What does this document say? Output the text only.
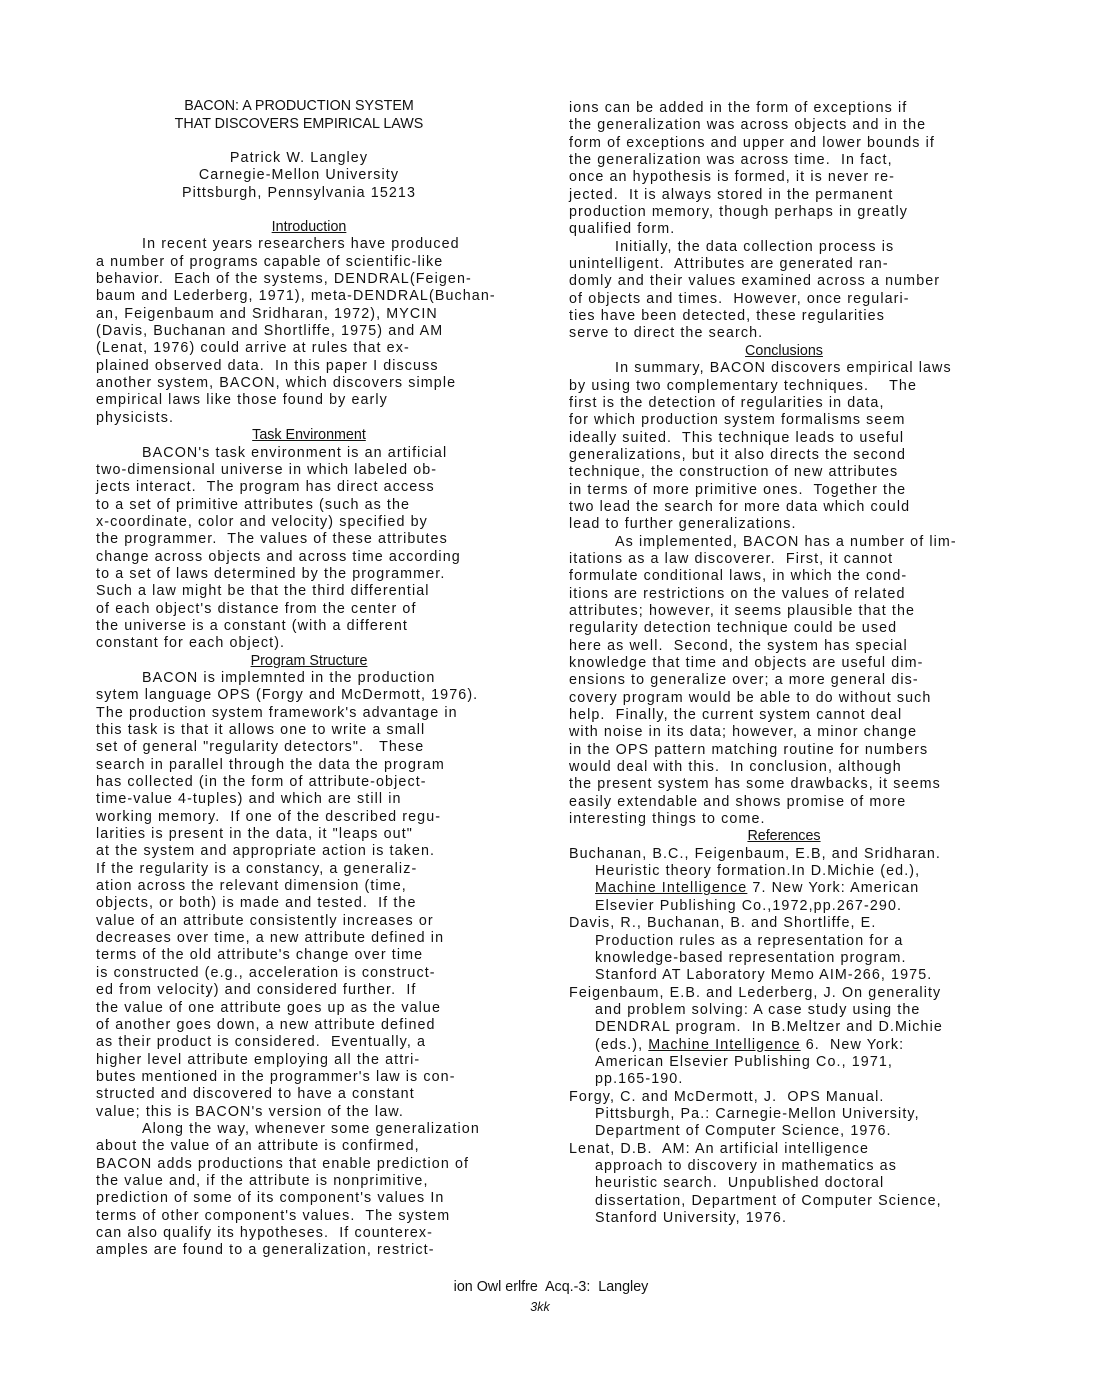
BACON: A PRODUCTION SYSTEM
THAT DISCOVERS EMPIRICAL LAWS
Patrick W. Langley
Carnegie-Mellon University
Pittsburgh, Pennsylvania 15213
Introduction
In recent years researchers have produced
a number of programs capable of scientific-like
behavior.  Each of the systems, DENDRAL(Feigen-
baum and Lederberg, 1971), meta-DENDRAL(Buchan-
an, Feigenbaum and Sridharan, 1972), MYCIN
(Davis, Buchanan and Shortliffe, 1975) and AM
(Lenat, 1976) could arrive at rules that ex-
plained observed data.  In this paper I discuss
another system, BACON, which discovers simple
empirical laws like those found by early
physicists.
Task Environment
BACON's task environment is an artificial
two-dimensional universe in which labeled ob-
jects interact.  The program has direct access
to a set of primitive attributes (such as the
x-coordinate, color and velocity) specified by
the programmer.  The values of these attributes
change across objects and across time according
to a set of laws determined by the programmer.
Such a law might be that the third differential
of each object's distance from the center of
the universe is a constant (with a different
constant for each object).
Program Structure
BACON is implemnted in the production
sytem language OPS (Forgy and McDermott, 1976).
The production system framework's advantage in
this task is that it allows one to write a small
set of general "regularity detectors".   These
search in parallel through the data the program
has collected (in the form of attribute-object-
time-value 4-tuples) and which are still in
working memory.  If one of the described regu-
larities is present in the data, it "leaps out"
at the system and appropriate action is taken.
If the regularity is a constancy, a generaliz-
ation across the relevant dimension (time,
objects, or both) is made and tested.  If the
value of an attribute consistently increases or
decreases over time, a new attribute defined in
terms of the old attribute's change over time
is constructed (e.g., acceleration is construct-
ed from velocity) and considered further.  If
the value of one attribute goes up as the value
of another goes down, a new attribute defined
as their product is considered.  Eventually, a
higher level attribute employing all the attri-
butes mentioned in the programmer's law is con-
structed and discovered to have a constant
value; this is BACON's version of the law.
Along the way, whenever some generalization
about the value of an attribute is confirmed,
BACON adds productions that enable prediction of
the value and, if the attribute is nonprimitive,
prediction of some of its component's values In
terms of other component's values.  The system
can also qualify its hypotheses.  If counterex-
amples are found to a generalization, restrict-
ions can be added in the form of exceptions if
the generalization was across objects and in the
form of exceptions and upper and lower bounds if
the generalization was across time.  In fact,
once an hypothesis is formed, it is never re-
jected.  It is always stored in the permanent
production memory, though perhaps in greatly
qualified form.
Initially, the data collection process is
unintelligent.  Attributes are generated ran-
domly and their values examined across a number
of objects and times.  However, once regulari-
ties have been detected, these regularities
serve to direct the search.
Conclusions
In summary, BACON discovers empirical laws
by using two complementary techniques.    The
first is the detection of regularities in data,
for which production system formalisms seem
ideally suited.  This technique leads to useful
generalizations, but it also directs the second
technique, the construction of new attributes
in terms of more primitive ones.  Together the
two lead the search for more data which could
lead to further generalizations.
As implemented, BACON has a number of lim-
itations as a law discoverer.  First, it cannot
formulate conditional laws, in which the cond-
itions are restrictions on the values of related
attributes; however, it seems plausible that the
regularity detection technique could be used
here as well.  Second, the system has special
knowledge that time and objects are useful dim-
ensions to generalize over; a more general dis-
covery program would be able to do without such
help.  Finally, the current system cannot deal
with noise in its data; however, a minor change
in the OPS pattern matching routine for numbers
would deal with this.  In conclusion, although
the present system has some drawbacks, it seems
easily extendable and shows promise of more
interesting things to come.
References
Buchanan, B.C., Feigenbaum, E.B, and Sridharan.
Heuristic theory formation.In D.Michie (ed.),
Machine Intelligence 7. New York: American
Elsevier Publishing Co.,1972,pp.267-290.
Davis, R., Buchanan, B. and Shortliffe, E.
Production rules as a representation for a
knowledge-based representation program.
Stanford AT Laboratory Memo AIM-266, 1975.
Feigenbaum, E.B. and Lederberg, J. On generality
and problem solving: A case study using the
DENDRAL program.  In B.Meltzer and D.Michie
(eds.), Machine Intelligence 6.  New York:
American Elsevier Publishing Co., 1971,
pp.165-190.
Forgy, C. and McDermott, J.  OPS Manual.
Pittsburgh, Pa.: Carnegie-Mellon University,
Department of Computer Science, 1976.
Lenat, D.B.  AM: An artificial intelligence
approach to discovery in mathematics as
heuristic search.  Unpublished doctoral
dissertation, Department of Computer Science,
Stanford University, 1976.
ion Owl erlfre  Acq.-3:  Langley
3kk
